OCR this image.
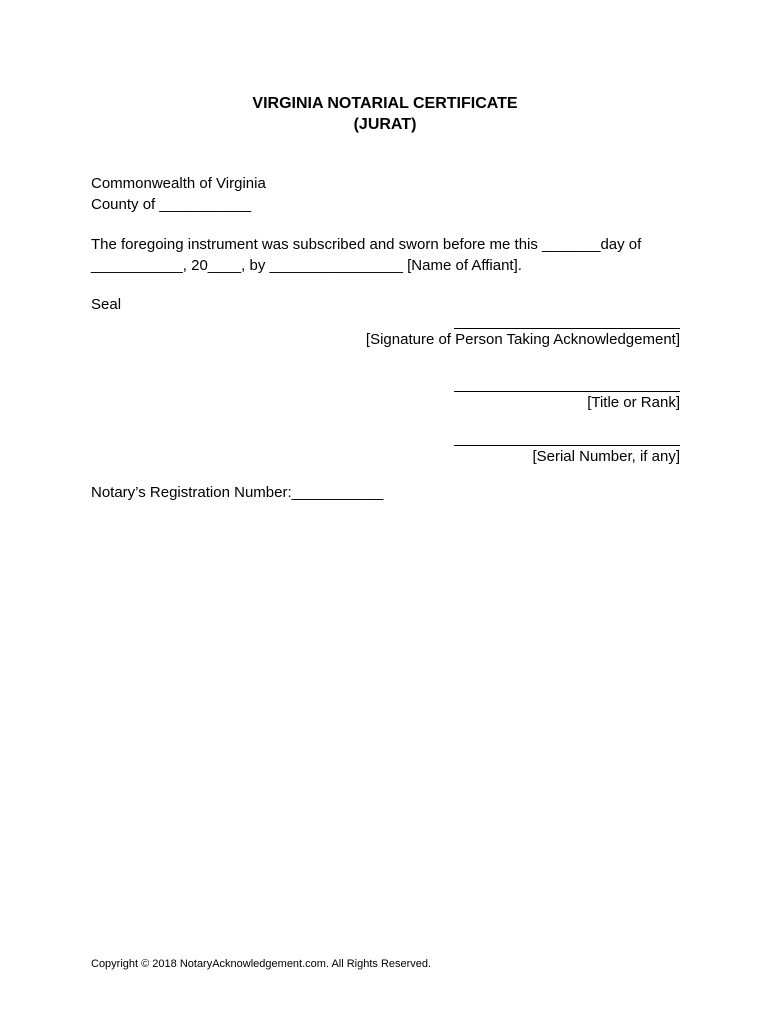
VIRGINIA NOTARIAL CERTIFICATE
(JURAT)
Commonwealth of Virginia
County of ___________
The foregoing instrument was subscribed and sworn before me this _______day of
___________, 20____, by ________________ [Name of Affiant].
Seal
[Signature of Person Taking Acknowledgement]
[Title or Rank]
[Serial Number, if any]
Notary’s Registration Number:___________
Copyright © 2018 NotaryAcknowledgement.com. All Rights Reserved.
